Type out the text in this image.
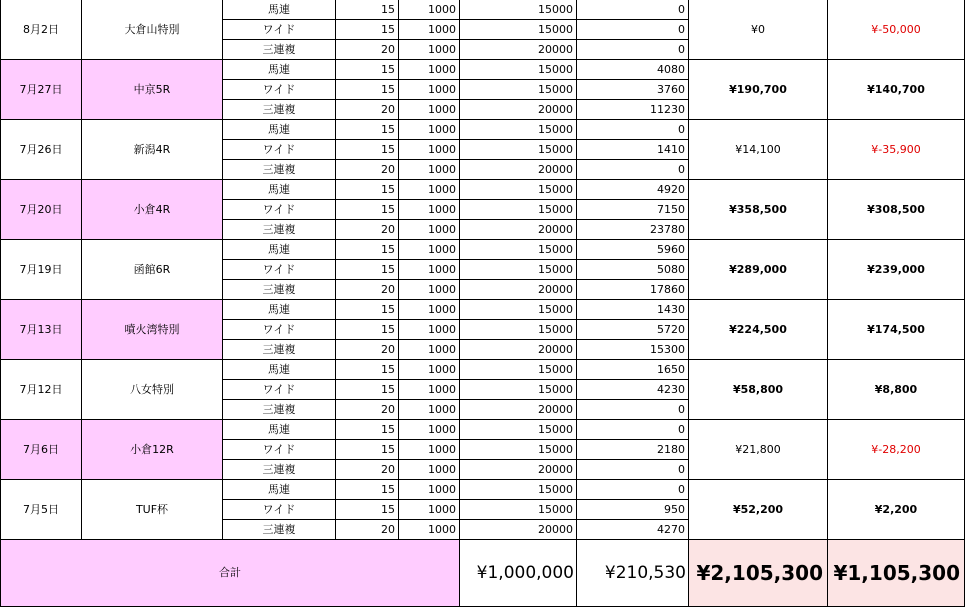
8月2日	大倉山特別	馬連	15	1000	15000	0	¥0	¥-50,000
		ワイド	15	1000	15000	0		
		三連複	20	1000	20000	0		
7月27日	中京5R	馬連	15	1000	15000	4080	¥190,700	¥140,700
		ワイド	15	1000	15000	3760		
		三連複	20	1000	20000	11230		
7月26日	新潟4R	馬連	15	1000	15000	0	¥14,100	¥-35,900
		ワイド	15	1000	15000	1410		
		三連複	20	1000	20000	0		
7月20日	小倉4R	馬連	15	1000	15000	4920	¥358,500	¥308,500
		ワイド	15	1000	15000	7150		
		三連複	20	1000	20000	23780		
7月19日	函館6R	馬連	15	1000	15000	5960	¥289,000	¥239,000
		ワイド	15	1000	15000	5080		
		三連複	20	1000	20000	17860		
7月13日	噴火湾特別	馬連	15	1000	15000	1430	¥224,500	¥174,500
		ワイド	15	1000	15000	5720		
		三連複	20	1000	20000	15300		
7月12日	八女特別	馬連	15	1000	15000	1650	¥58,800	¥8,800
		ワイド	15	1000	15000	4230		
		三連複	20	1000	20000	0		
7月6日	小倉12R	馬連	15	1000	15000	0	¥21,800	¥-28,200
		ワイド	15	1000	15000	2180		
		三連複	20	1000	20000	0		
7月5日	TUF杯	馬連	15	1000	15000	0	¥52,200	¥2,200
		ワイド	15	1000	15000	950		
		三連複	20	1000	20000	4270		
合計					¥1,000,000	¥210,530	¥2,105,300	¥1,105,300
